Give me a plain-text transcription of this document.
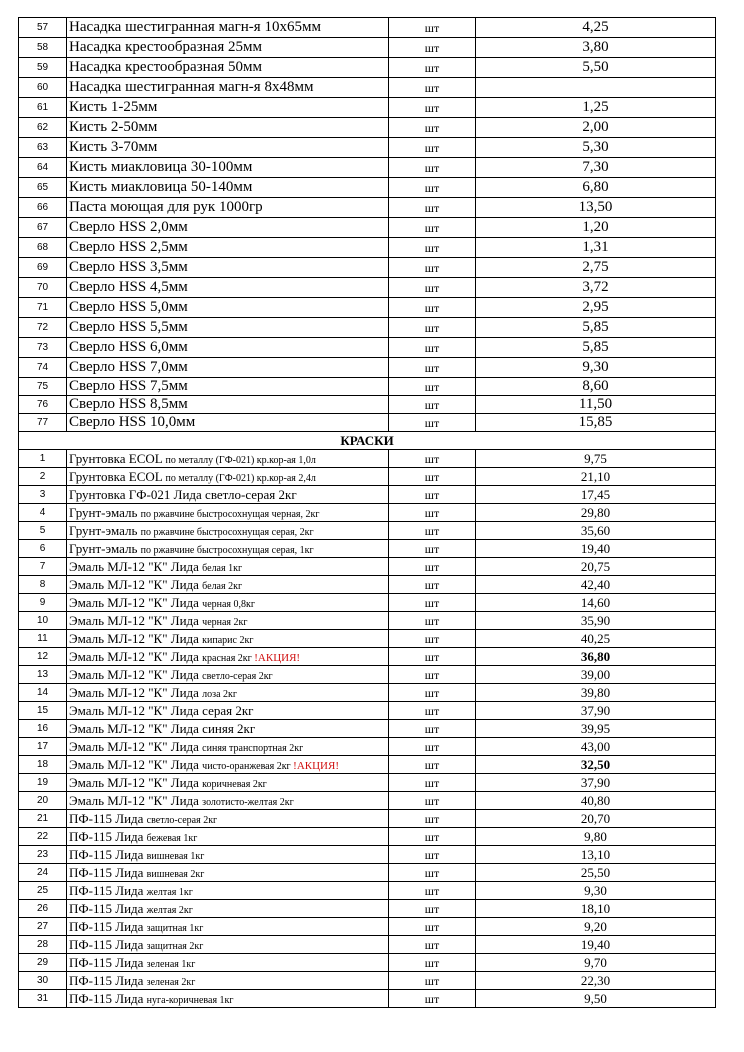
57	Насадка шестигранная магн-я 10х65мм	шт	4,25
58	Насадка крестообразная 25мм	шт	3,80
59	Насадка крестообразная 50мм	шт	5,50
60	Насадка шестигранная магн-я 8х48мм	шт	
61	Кисть 1-25мм	шт	1,25
62	Кисть 2-50мм	шт	2,00
63	Кисть 3-70мм	шт	5,30
64	Кисть миакловица 30-100мм	шт	7,30
65	Кисть миакловица 50-140мм	шт	6,80
66	Паста моющая для рук 1000гр	шт	13,50
67	Сверло HSS 2,0мм	шт	1,20
68	Сверло HSS 2,5мм	шт	1,31
69	Сверло HSS 3,5мм	шт	2,75
70	Сверло HSS 4,5мм	шт	3,72
71	Сверло HSS 5,0мм	шт	2,95
72	Сверло HSS 5,5мм	шт	5,85
73	Сверло HSS 6,0мм	шт	5,85
74	Сверло HSS 7,0мм	шт	9,30
75	Сверло HSS 7,5мм	шт	8,60
76	Сверло HSS 8,5мм	шт	11,50
77	Сверло HSS 10,0мм	шт	15,85
КРАСКИ			
1	Грунтовка ECOL по металлу (ГФ-021) кр.кор-ая 1,0л	шт	9,75
2	Грунтовка ECOL по металлу (ГФ-021) кр.кор-ая 2,4л	шт	21,10
3	Грунтовка ГФ-021 Лида светло-серая 2кг	шт	17,45
4	Грунт-эмаль по ржавчине быстросохнущая черная, 2кг	шт	29,80
5	Грунт-эмаль по ржавчине быстросохнущая серая, 2кг	шт	35,60
6	Грунт-эмаль по ржавчине быстросохнущая серая, 1кг	шт	19,40
7	Эмаль МЛ-12 "К" Лида белая 1кг	шт	20,75
8	Эмаль МЛ-12 "К" Лида белая 2кг	шт	42,40
9	Эмаль МЛ-12 "К" Лида черная 0,8кг	шт	14,60
10	Эмаль МЛ-12 "К" Лида черная 2кг	шт	35,90
11	Эмаль МЛ-12 "К" Лида кипарис 2кг	шт	40,25
12	Эмаль МЛ-12 "К" Лида красная 2кг !АКЦИЯ!	шт	36,80
13	Эмаль МЛ-12 "К" Лида светло-серая 2кг	шт	39,00
14	Эмаль МЛ-12 "К" Лида лоза 2кг	шт	39,80
15	Эмаль МЛ-12 "К" Лида серая 2кг	шт	37,90
16	Эмаль МЛ-12 "К" Лида синяя 2кг	шт	39,95
17	Эмаль МЛ-12 "К" Лида синяя транспортная 2кг	шт	43,00
18	Эмаль МЛ-12 "К" Лида чисто-оранжевая 2кг !АКЦИЯ!	шт	32,50
19	Эмаль МЛ-12 "К" Лида коричневая 2кг	шт	37,90
20	Эмаль МЛ-12 "К" Лида золотисто-желтая 2кг	шт	40,80
21	ПФ-115 Лида светло-серая 2кг	шт	20,70
22	ПФ-115 Лида бежевая 1кг	шт	9,80
23	ПФ-115 Лида вишневая 1кг	шт	13,10
24	ПФ-115 Лида вишневая 2кг	шт	25,50
25	ПФ-115 Лида желтая 1кг	шт	9,30
26	ПФ-115 Лида желтая 2кг	шт	18,10
27	ПФ-115 Лида защитная 1кг	шт	9,20
28	ПФ-115 Лида защитная 2кг	шт	19,40
29	ПФ-115 Лида зеленая 1кг	шт	9,70
30	ПФ-115 Лида зеленая 2кг	шт	22,30
31	ПФ-115 Лида нуга-коричневая 1кг	шт	9,50
